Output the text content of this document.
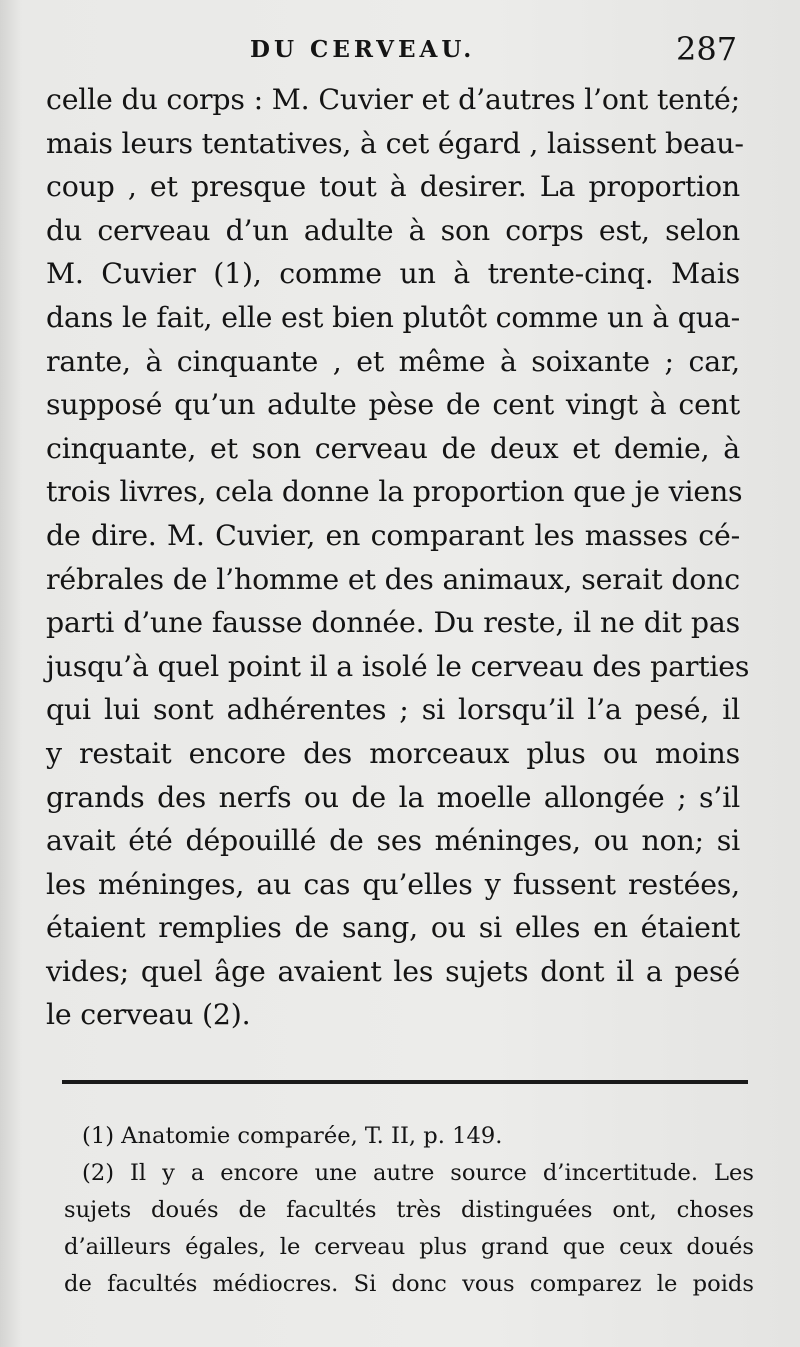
DU CERVEAU.	287
celle du corps : M. Cuvier et d’autres l’ont tenté;
mais leurs tentatives, à cet égard , laissent beau-
coup , et presque tout à desirer. La proportion
du cerveau d’un adulte à son corps est, selon
M. Cuvier (1), comme un à trente-cinq. Mais
dans le fait, elle est bien plutôt comme un à qua-
rante, à cinquante , et même à soixante ; car,
supposé qu’un adulte pèse de cent vingt à cent
cinquante, et son cerveau de deux et demie, à
trois livres, cela donne la proportion que je viens
de dire. M. Cuvier, en comparant les masses cé-
rébrales de l’homme et des animaux, serait donc
parti d’une fausse donnée. Du reste, il ne dit pas
jusqu’à quel point il a isolé le cerveau des parties
qui lui sont adhérentes ; si lorsqu’il l’a pesé, il
y restait encore des morceaux plus ou moins
grands des nerfs ou de la moelle allongée ; s’il
avait été dépouillé de ses méninges, ou non; si
les méninges, au cas qu’elles y fussent restées,
étaient remplies de sang, ou si elles en étaient
vides; quel âge avaient les sujets dont il a pesé
le cerveau (2).
(1) Anatomie comparée, T. II, p. 149.
(2) Il y a encore une autre source d’incertitude. Les
sujets doués de facultés très distinguées ont, choses
d’ailleurs égales, le cerveau plus grand que ceux doués
de facultés médiocres. Si donc vous comparez le poids
